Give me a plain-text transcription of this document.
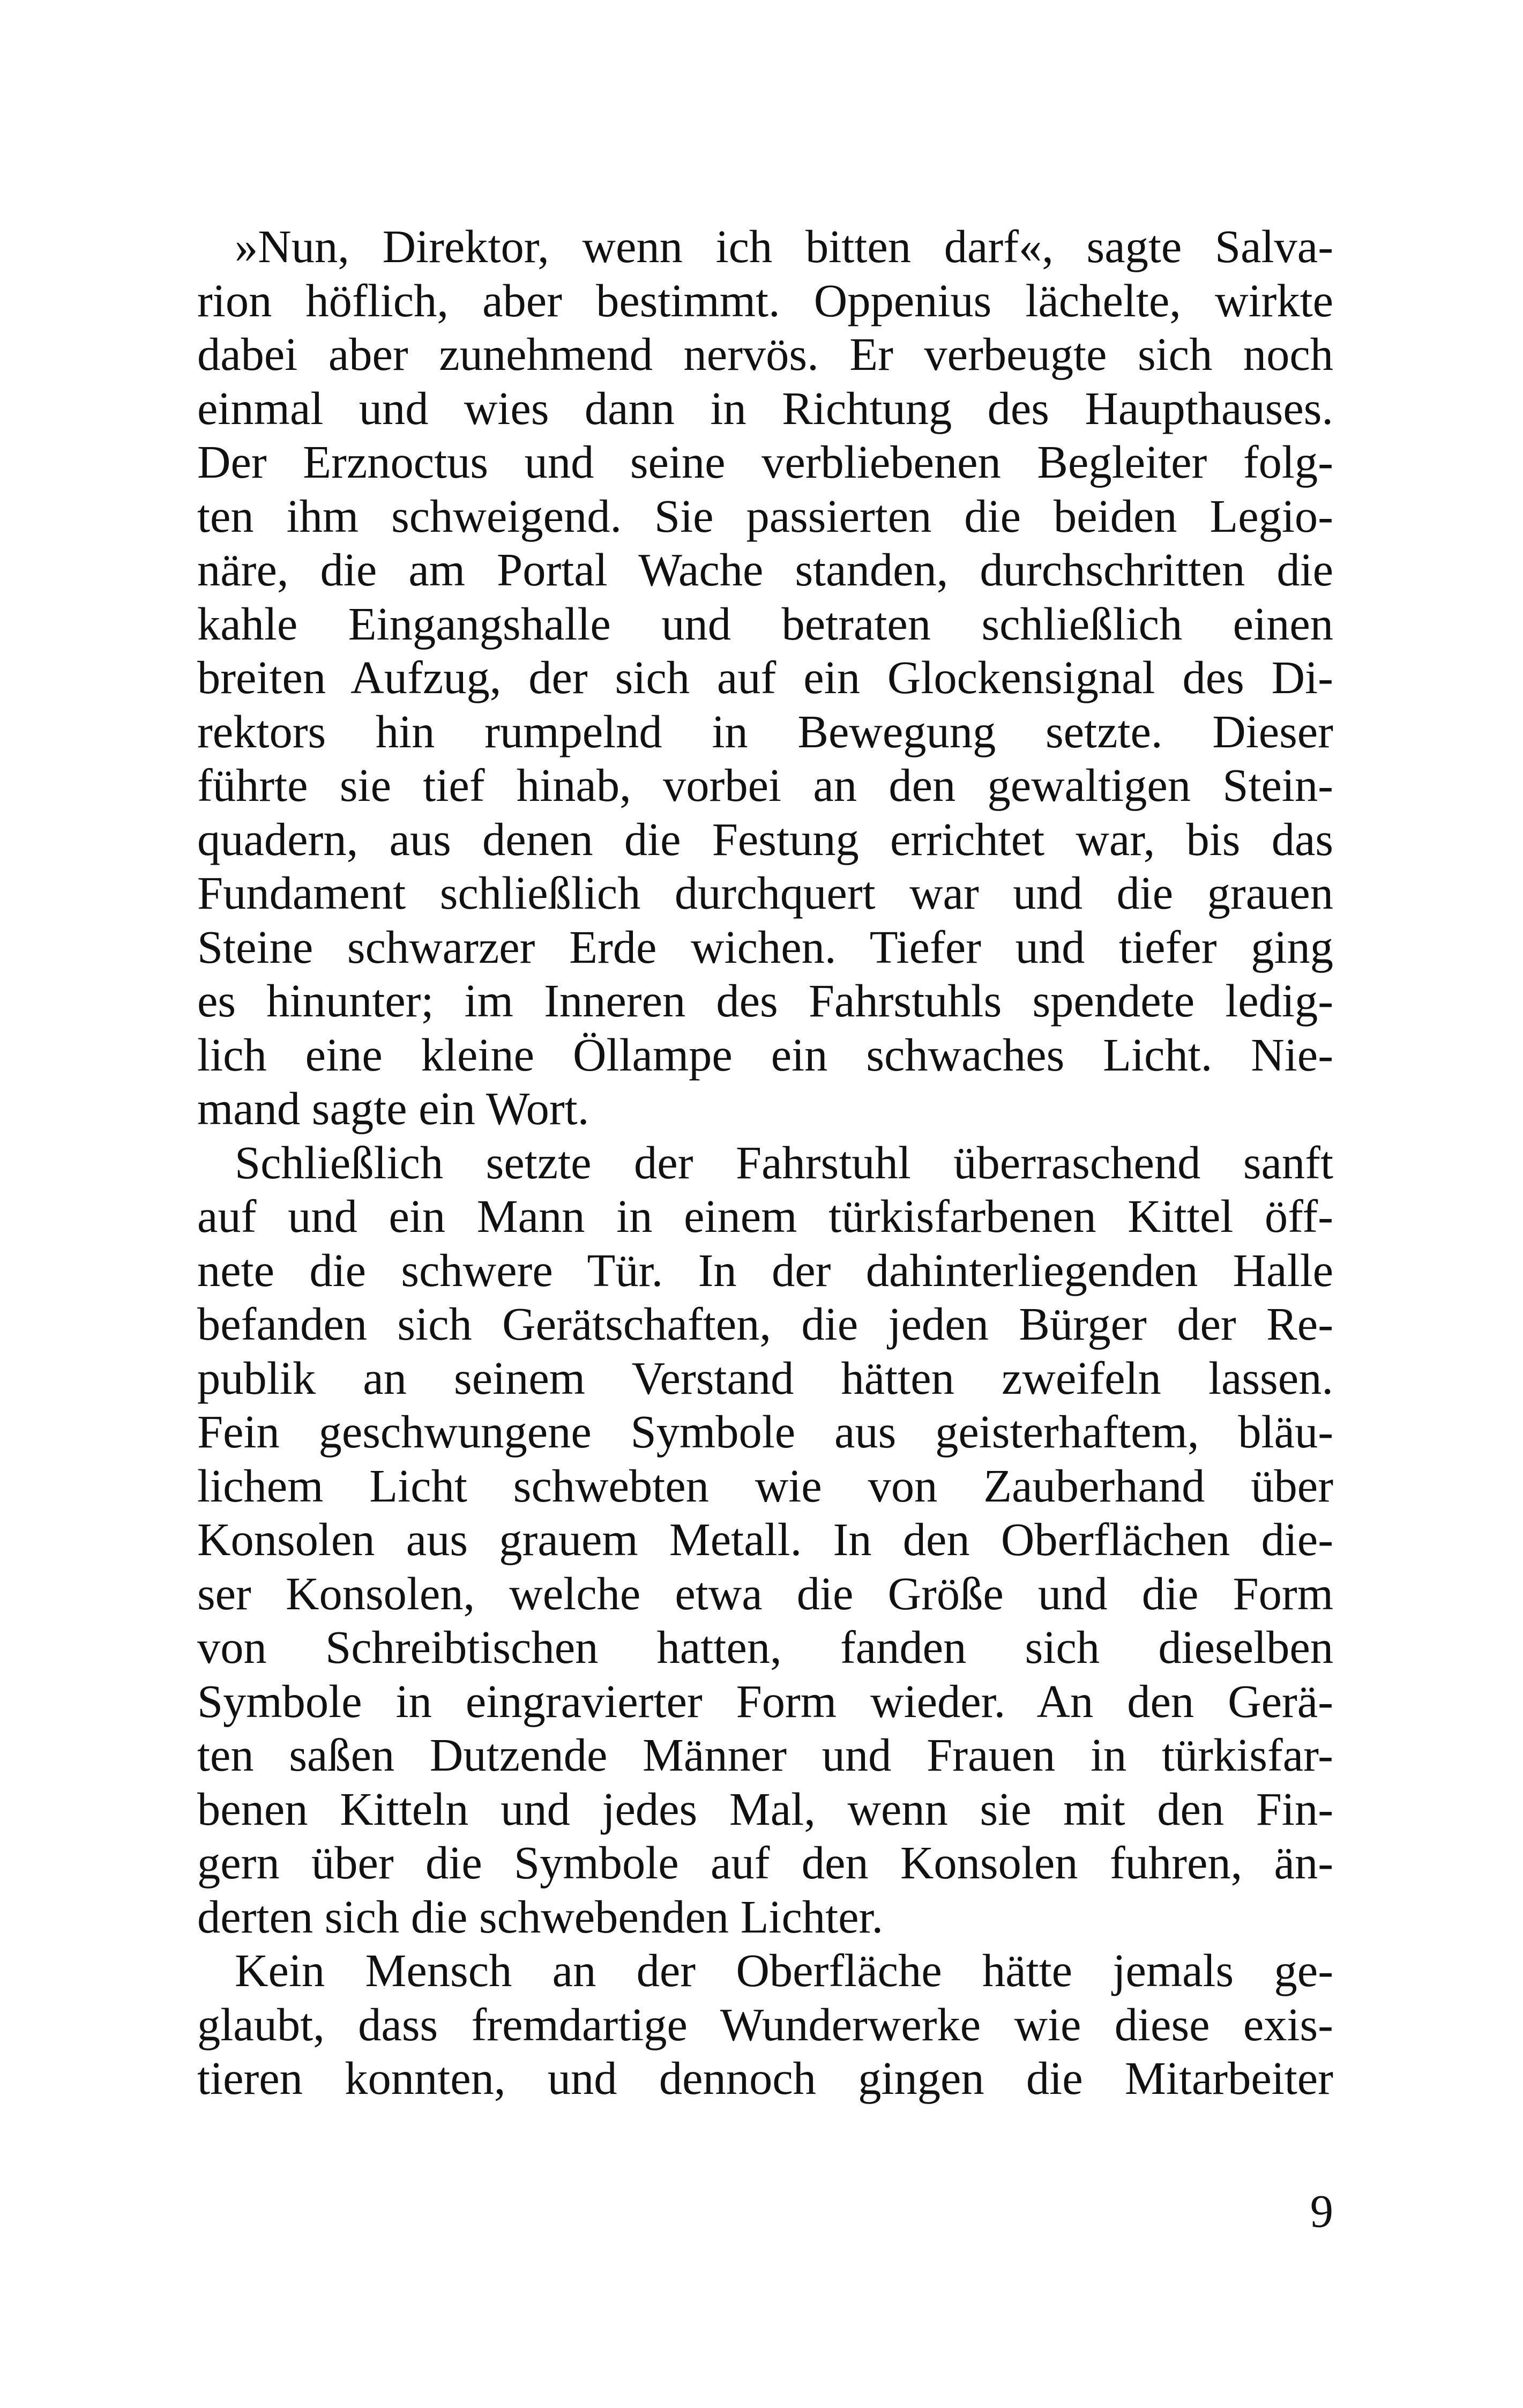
»Nun, Direktor, wenn ich bitten darf«, sagte Salva-
rion höflich, aber bestimmt. Oppenius lächelte, wirkte
dabei aber zunehmend nervös. Er verbeugte sich noch
einmal und wies dann in Richtung des Haupthauses.
Der Erznoctus und seine verbliebenen Begleiter folg-
ten ihm schweigend. Sie passierten die beiden Legio-
näre, die am Portal Wache standen, durchschritten die
kahle Eingangshalle und betraten schließlich einen
breiten Aufzug, der sich auf ein Glockensignal des Di-
rektors hin rumpelnd in Bewegung setzte. Dieser
führte sie tief hinab, vorbei an den gewaltigen Stein-
quadern, aus denen die Festung errichtet war, bis das
Fundament schließlich durchquert war und die grauen
Steine schwarzer Erde wichen. Tiefer und tiefer ging
es hinunter; im Inneren des Fahrstuhls spendete ledig-
lich eine kleine Öllampe ein schwaches Licht. Nie-
mand sagte ein Wort.
Schließlich setzte der Fahrstuhl überraschend sanft
auf und ein Mann in einem türkisfarbenen Kittel öff-
nete die schwere Tür. In der dahinterliegenden Halle
befanden sich Gerätschaften, die jeden Bürger der Re-
publik an seinem Verstand hätten zweifeln lassen.
Fein geschwungene Symbole aus geisterhaftem, bläu-
lichem Licht schwebten wie von Zauberhand über
Konsolen aus grauem Metall. In den Oberflächen die-
ser Konsolen, welche etwa die Größe und die Form
von Schreibtischen hatten, fanden sich dieselben
Symbole in eingravierter Form wieder. An den Gerä-
ten saßen Dutzende Männer und Frauen in türkisfar-
benen Kitteln und jedes Mal, wenn sie mit den Fin-
gern über die Symbole auf den Konsolen fuhren, än-
derten sich die schwebenden Lichter.
Kein Mensch an der Oberfläche hätte jemals ge-
glaubt, dass fremdartige Wunderwerke wie diese exis-
tieren konnten, und dennoch gingen die Mitarbeiter
9
